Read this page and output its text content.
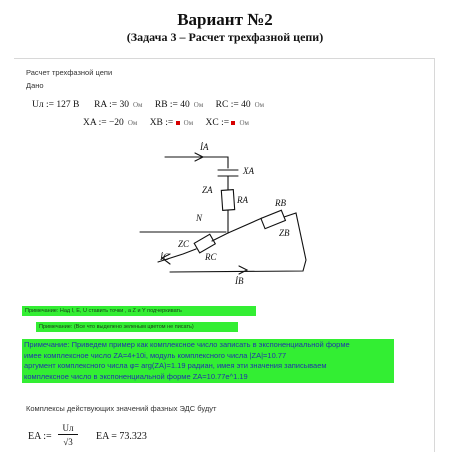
Вариант №2
(Задача 3 – Расчет трехфазной цепи)
Расчет трехфазной цепи
Дано
Uл := 127 В RA := 30 Ом RB := 40 Ом RC := 40 Ом
XA := −20 Ом XB := Ом XC := Ом
İA
XA
ZA
RA
N
ZC
RC
RB
ZB
İC
İB
Примечание: Над I, E, U ставить точки , а Z и Y подчеркивать
Примечание: (Все что выделено зеленым цветом не писать)
Примечание: Приведем пример как комплексное число записать в экспоненциальной форме
имее комплексное число ZA=4+10i, модуль комплексного числа |ZA|=10.77
аргумент комплексного числа φ= arg(ZA)=1.19 радиан, имея эти значения записываем
комплексное число в экспоненциальной форме ZA=10.77e^1.19
Комплексы действующих значений фазных ЭДС будут
EA :=
Uл
√3	EA = 73.323
